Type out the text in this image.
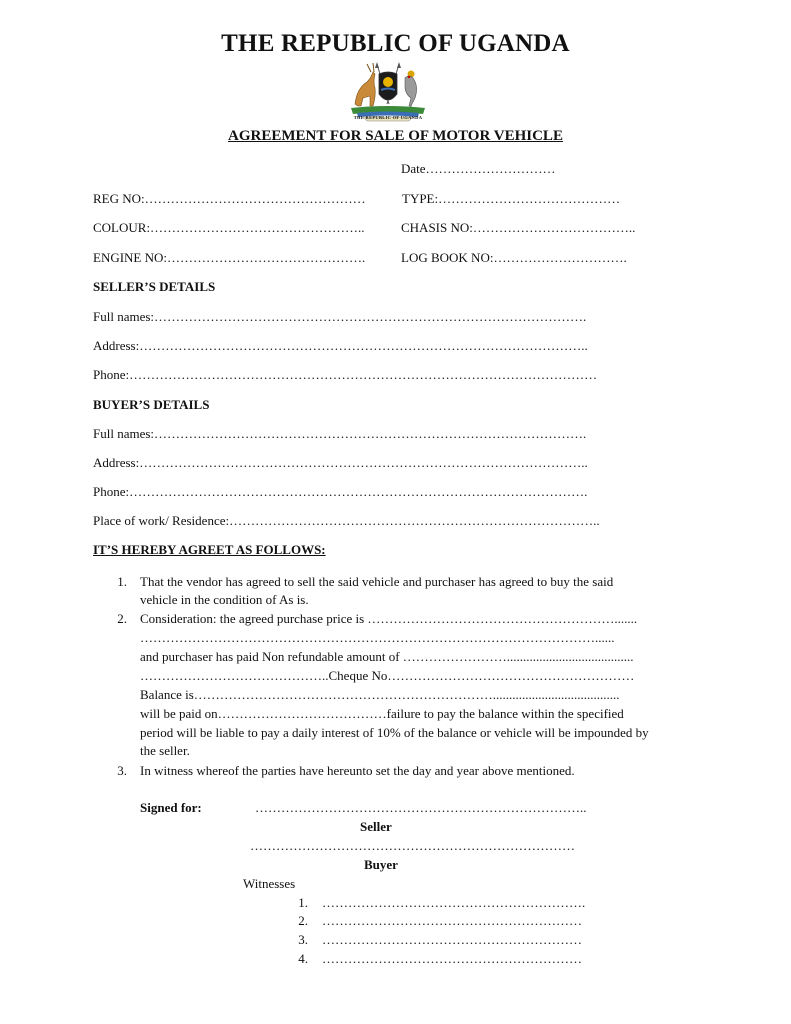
THE REPUBLIC OF UGANDA
THE REPUBLIC OF UGANDA
AGREEMENT FOR SALE OF MOTOR VEHICLE
Date…………………………
REG NO:……………………………………………	TYPE:……………………………………
COLOUR:…………………………………………..	CHASIS NO:………………………………..
ENGINE NO:……………………………………….	LOG BOOK NO:………………………….
SELLER’S DETAILS
Full names:……………………………………………………………………………………….
Address:…………………………………………………………………………………………..
Phone:………………………………………………………………………………………………
BUYER’S DETAILS
Full names:……………………………………………………………………………………….
Address:…………………………………………………………………………………………..
Phone:…………………………………………………………………………………………….
Place of work/ Residence:…………………………………………………………………………..
IT’S HEREBY AGREET AS FOLLOWS:
1. That the vendor has agreed to sell the said vehicle and purchaser has agreed to buy the said
vehicle in the condition of As is.
2. Consideration: the agreed purchase price is ………………………………………………….......
……………………………………………………………………………………………......
and purchaser has paid Non refundable amount of …………………….......................................
……………………………………..Cheque No…………………………………………………
Balance is…………………………………………………………….......................................
will be paid on…………………………………failure to pay the balance within the specified
period will be liable to pay a daily interest of 10% of the balance or vehicle will be impounded by
the seller.
3. In witness whereof the parties have hereunto set the day and year above mentioned.
Signed for:	…………………………………………………………………..
Seller
…………………………………………………………………
Buyer
Witnesses
1. …………………………………………………….
2. ……………………………………………………
3. ……………………………………………………
4. ……………………………………………………
